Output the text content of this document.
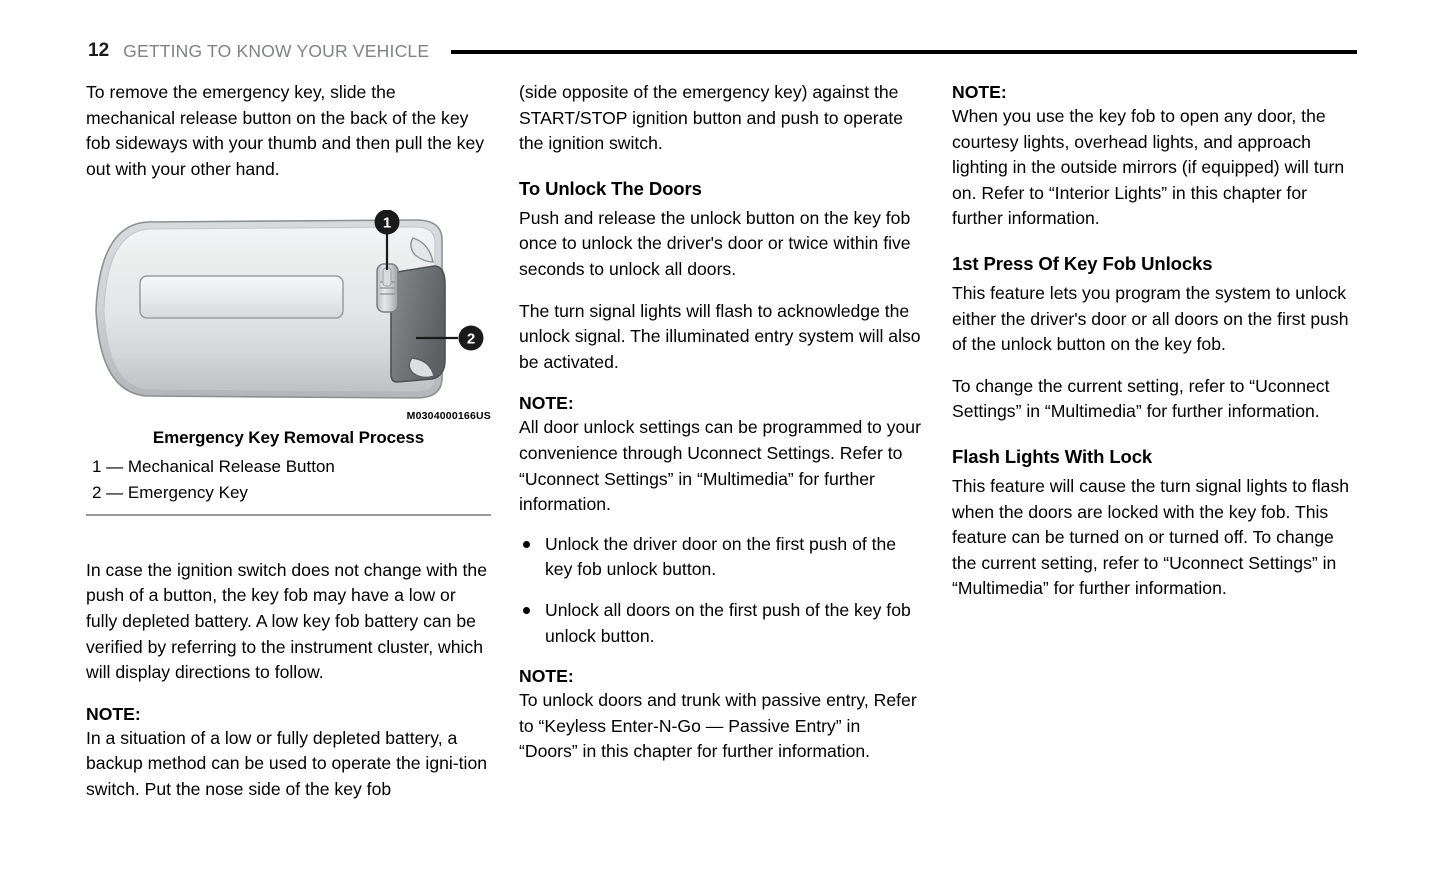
12 GETTING TO KNOW YOUR VEHICLE

To remove the emergency key, slide the mechanical release button on the back of the key fob sideways with your thumb and then pull the key out with your other hand.

1
2
M0304000166US
Emergency Key Removal Process
1 — Mechanical Release Button
2 — Emergency Key

In case the ignition switch does not change with the push of a button, the key fob may have a low or fully depleted battery. A low key fob battery can be verified by referring to the instrument cluster, which will display directions to follow.

NOTE:

In a situation of a low or fully depleted battery, a backup method can be used to operate the igni-tion switch. Put the nose side of the key fob

(side opposite of the emergency key) against the START/STOP ignition button and push to operate the ignition switch.

To Unlock The Doors

Push and release the unlock button on the key fob once to unlock the driver's door or twice within five seconds to unlock all doors.

The turn signal lights will flash to acknowledge the unlock signal. The illuminated entry system will also be activated.

NOTE:

All door unlock settings can be programmed to your convenience through Uconnect Settings. Refer to “Uconnect Settings” in “Multimedia” for further information.

Unlock the driver door on the first push of the key fob unlock button.
Unlock all doors on the first push of the key fob unlock button.

NOTE:

To unlock doors and trunk with passive entry, Refer to “Keyless Enter-N-Go — Passive Entry” in “Doors” in this chapter for further information.

NOTE:

When you use the key fob to open any door, the courtesy lights, overhead lights, and approach lighting in the outside mirrors (if equipped) will turn on. Refer to “Interior Lights” in this chapter for further information.

1st Press Of Key Fob Unlocks

This feature lets you program the system to unlock either the driver's door or all doors on the first push of the unlock button on the key fob.

To change the current setting, refer to “Uconnect Settings” in “Multimedia” for further information.

Flash Lights With Lock

This feature will cause the turn signal lights to flash when the doors are locked with the key fob. This feature can be turned on or turned off. To change the current setting, refer to “Uconnect Settings” in “Multimedia” for further information.
